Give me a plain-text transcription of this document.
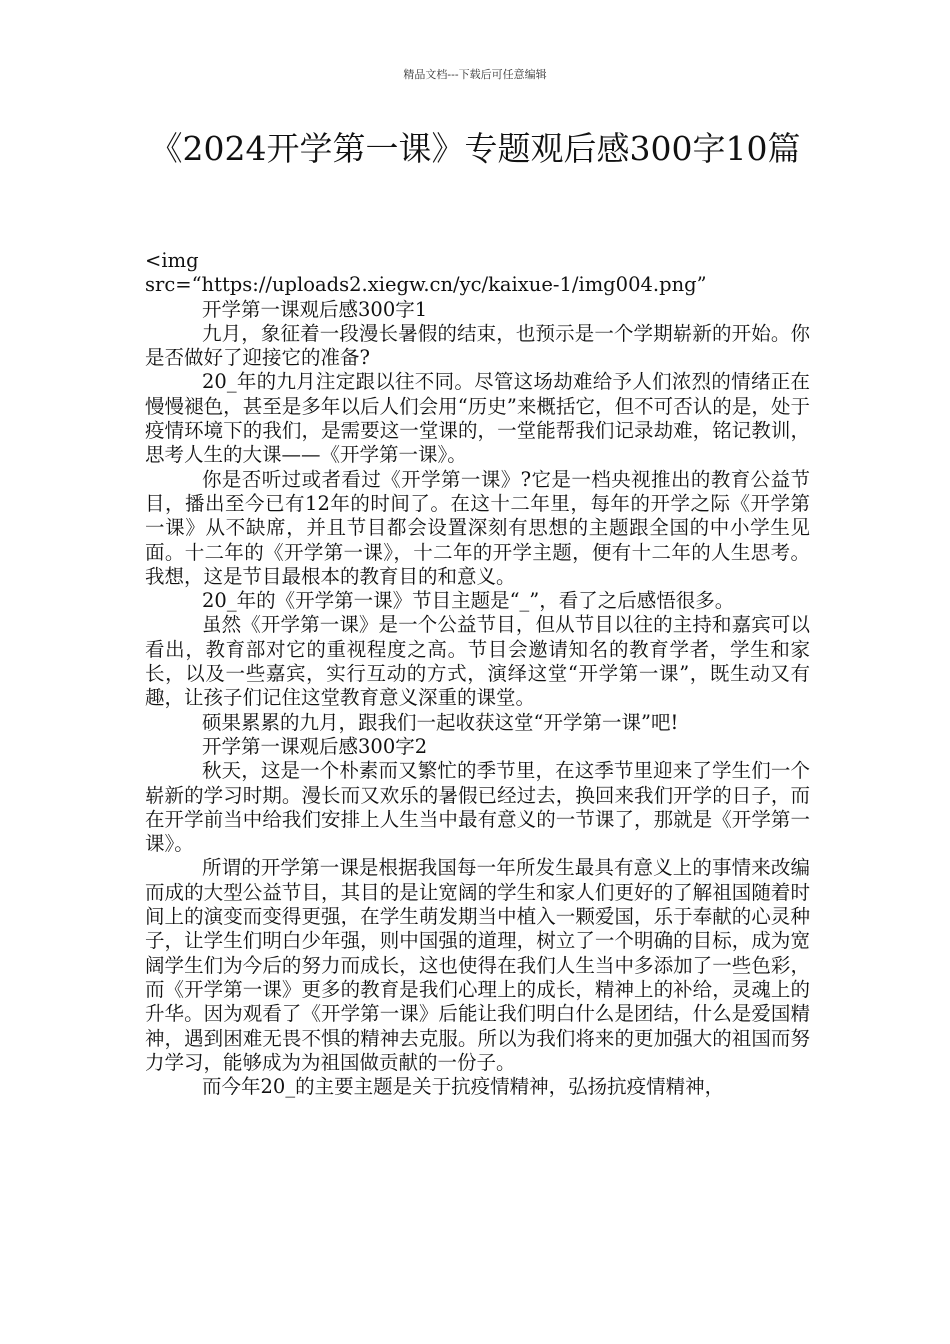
精品文档---下载后可任意编辑
《2024开学第一课》专题观后感300字10篇

<img

src=“https://uploads2.xiegw.cn/yc/kaixue-1/img004.png”

开学第一课观后感300字1

九月，象征着一段漫长暑假的结束，也预示是一个学期崭新的开始。你是否做好了迎接它的准备?

20_年的九月注定跟以往不同。尽管这场劫难给予人们浓烈的情绪正在慢慢褪色，甚至是多年以后人们会用“历史”来概括它，但不可否认的是，处于疫情环境下的我们，是需要这一堂课的，一堂能帮我们记录劫难，铭记教训，思考人生的大课——《开学第一课》。

你是否听过或者看过《开学第一课》?它是一档央视推出的教育公益节目，播出至今已有12年的时间了。在这十二年里，每年的开学之际《开学第一课》从不缺席，并且节目都会设置深刻有思想的主题跟全国的中小学生见面。十二年的《开学第一课》，十二年的开学主题，便有十二年的人生思考。我想，这是节目最根本的教育目的和意义。

20_年的《开学第一课》节目主题是“_”，看了之后感悟很多。

虽然《开学第一课》是一个公益节目，但从节目以往的主持和嘉宾可以看出，教育部对它的重视程度之高。节目会邀请知名的教育学者，学生和家长，以及一些嘉宾，实行互动的方式，演绎这堂“开学第一课”，既生动又有趣，让孩子们记住这堂教育意义深重的课堂。

硕果累累的九月，跟我们一起收获这堂“开学第一课”吧!

开学第一课观后感300字2

秋天，这是一个朴素而又繁忙的季节里，在这季节里迎来了学生们一个崭新的学习时期。漫长而又欢乐的暑假已经过去，换回来我们开学的日子，而在开学前当中给我们安排上人生当中最有意义的一节课了，那就是《开学第一课》。

所谓的开学第一课是根据我国每一年所发生最具有意义上的事情来改编而成的大型公益节目，其目的是让宽阔的学生和家人们更好的了解祖国随着时间上的演变而变得更强，在学生萌发期当中植入一颗爱国，乐于奉献的心灵种子，让学生们明白少年强，则中国强的道理，树立了一个明确的目标，成为宽阔学生们为今后的努力而成长，这也使得在我们人生当中多添加了一些色彩，而《开学第一课》更多的教育是我们心理上的成长，精神上的补给，灵魂上的升华。因为观看了《开学第一课》后能让我们明白什么是团结，什么是爱国精神，遇到困难无畏不惧的精神去克服。所以为我们将来的更加强大的祖国而努力学习，能够成为为祖国做贡献的一份子。

而今年20_的主要主题是关于抗疫情精神，弘扬抗疫情精神，
